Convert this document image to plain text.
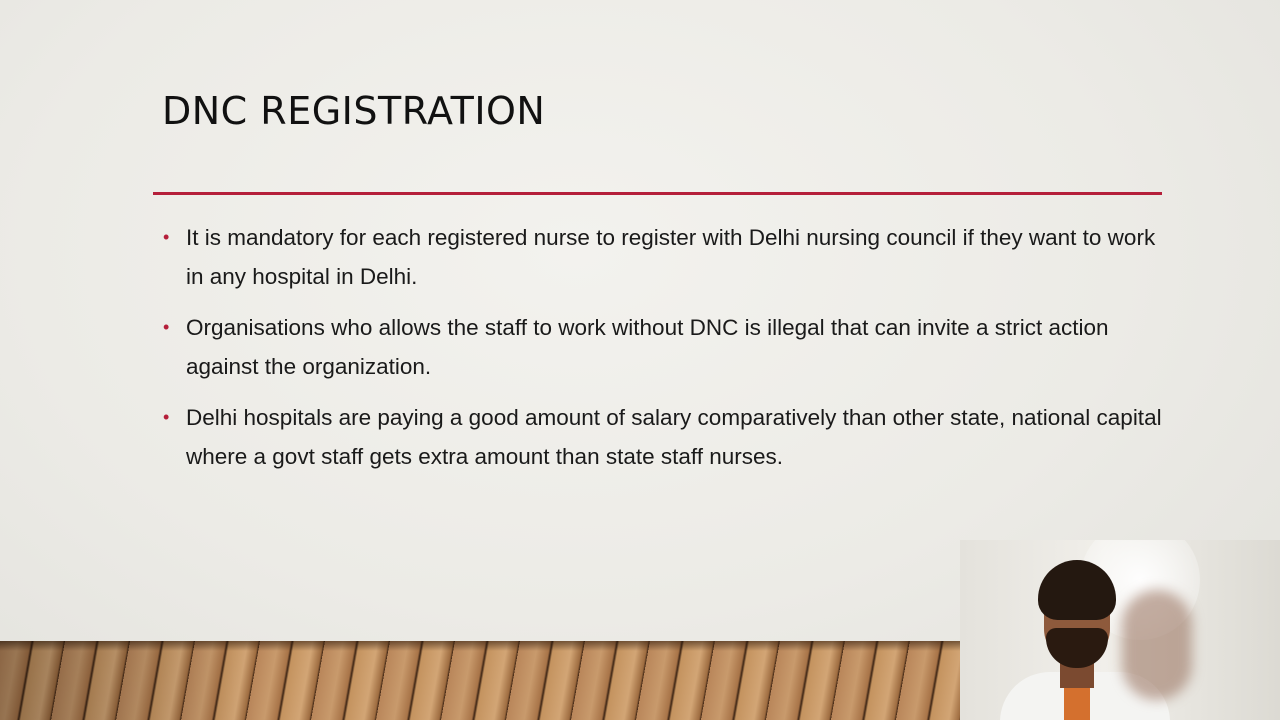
DNC REGISTRATION
• It is mandatory for each registered nurse to register with Delhi nursing council if they want to work in any hospital in Delhi.
• Organisations who allows the staff to work without DNC is illegal that can invite a strict action against the organization.
• Delhi hospitals are paying a good amount of salary comparatively than other state, national capital where a govt staff gets extra amount than state staff nurses.
